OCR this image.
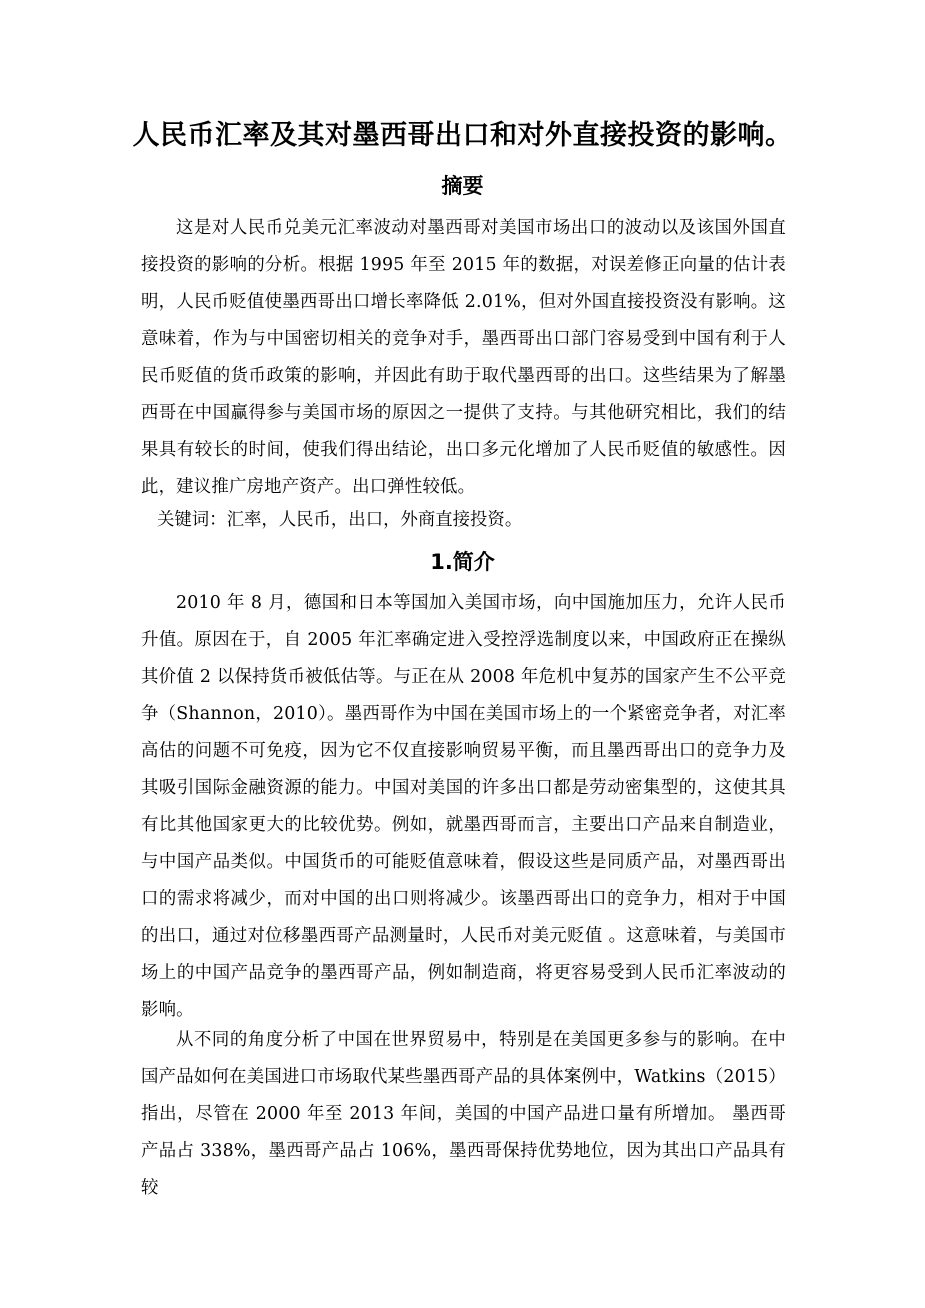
人民币汇率及其对墨西哥出口和对外直接投资的影响。
摘要

这是对人民币兑美元汇率波动对墨西哥对美国市场出口的波动以及该国外国直接投资的影响的分析。根据 1995 年至 2015 年的数据，对误差修正向量的估计表明，人民币贬值使墨西哥出口增长率降低 2.01%，但对外国直接投资没有影响。这意味着，作为与中国密切相关的竞争对手，墨西哥出口部门容易受到中国有利于人民币贬值的货币政策的影响，并因此有助于取代墨西哥的出口。这些结果为了解墨西哥在中国赢得参与美国市场的原因之一提供了支持。与其他研究相比，我们的结果具有较长的时间，使我们得出结论，出口多元化增加了人民币贬值的敏感性。因此，建议推广房地产资产。出口弹性较低。

关键词：汇率，人民币，出口，外商直接投资。

1.简介

2010 年 8 月，德国和日本等国加入美国市场，向中国施加压力，允许人民币升值。原因在于，自 2005 年汇率确定进入受控浮选制度以来，中国政府正在操纵其价值 2 以保持货币被低估等。与正在从 2008 年危机中复苏的国家产生不公平竞争（Shannon，2010）。墨西哥作为中国在美国市场上的一个紧密竞争者，对汇率高估的问题不可免疫，因为它不仅直接影响贸易平衡，而且墨西哥出口的竞争力及其吸引国际金融资源的能力。中国对美国的许多出口都是劳动密集型的，这使其具有比其他国家更大的比较优势。例如，就墨西哥而言，主要出口产品来自制造业，与中国产品类似。中国货币的可能贬值意味着，假设这些是同质产品，对墨西哥出口的需求将减少，而对中国的出口则将减少。该墨西哥出口的竞争力，相对于中国的出口，通过对位移墨西哥产品测量时，人民币对美元贬值 。这意味着，与美国市场上的中国产品竞争的墨西哥产品，例如制造商，将更容易受到人民币汇率波动的影响。

从不同的角度分析了中国在世界贸易中，特别是在美国更多参与的影响。在中国产品如何在美国进口市场取代某些墨西哥产品的具体案例中，Watkins（2015）指出，尽管在 2000 年至 2013 年间，美国的中国产品进口量有所增加。 墨西哥产品占 338%，墨西哥产品占 106%，墨西哥保持优势地位，因为其出口产品具有较
